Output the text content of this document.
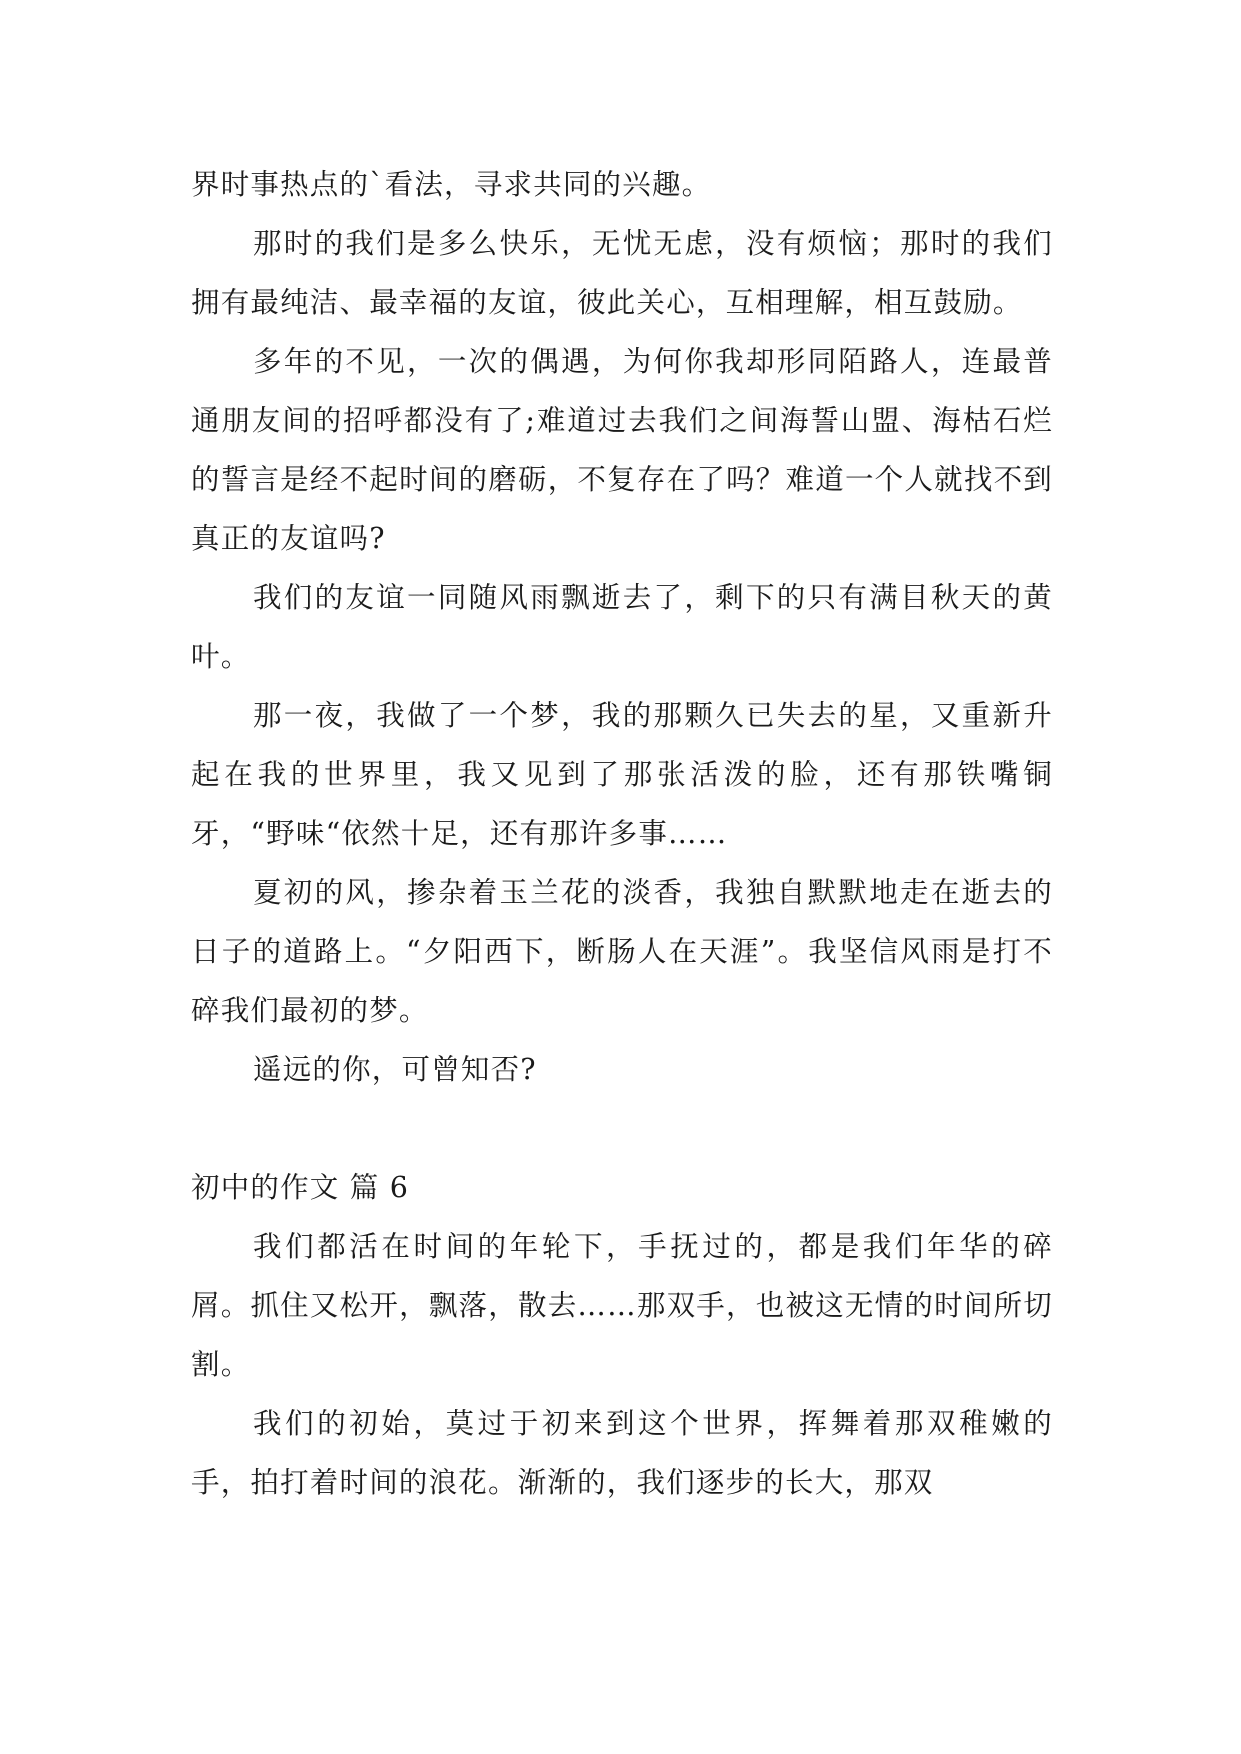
界时事热点的`看法，寻求共同的兴趣。

那时的我们是多么快乐，无忧无虑，没有烦恼；那时的我们拥有最纯洁、最幸福的友谊，彼此关心，互相理解，相互鼓励。

多年的不见，一次的偶遇，为何你我却形同陌路人，连最普通朋友间的招呼都没有了;难道过去我们之间海誓山盟、海枯石烂的誓言是经不起时间的磨砺，不复存在了吗？难道一个人就找不到真正的友谊吗?

我们的友谊一同随风雨飘逝去了，剩下的只有满目秋天的黄叶。

那一夜，我做了一个梦，我的那颗久已失去的星，又重新升起在我的世界里，我又见到了那张活泼的脸，还有那铁嘴铜牙，“野味“依然十足，还有那许多事……

夏初的风，掺杂着玉兰花的淡香，我独自默默地走在逝去的日子的道路上。“夕阳西下，断肠人在天涯”。我坚信风雨是打不碎我们最初的梦。

遥远的你，可曾知否?

初中的作文 篇 6

我们都活在时间的年轮下，手抚过的，都是我们年华的碎屑。抓住又松开，飘落，散去……那双手，也被这无情的时间所切割。

我们的初始，莫过于初来到这个世界，挥舞着那双稚嫩的手，拍打着时间的浪花。渐渐的，我们逐步的长大，那双
